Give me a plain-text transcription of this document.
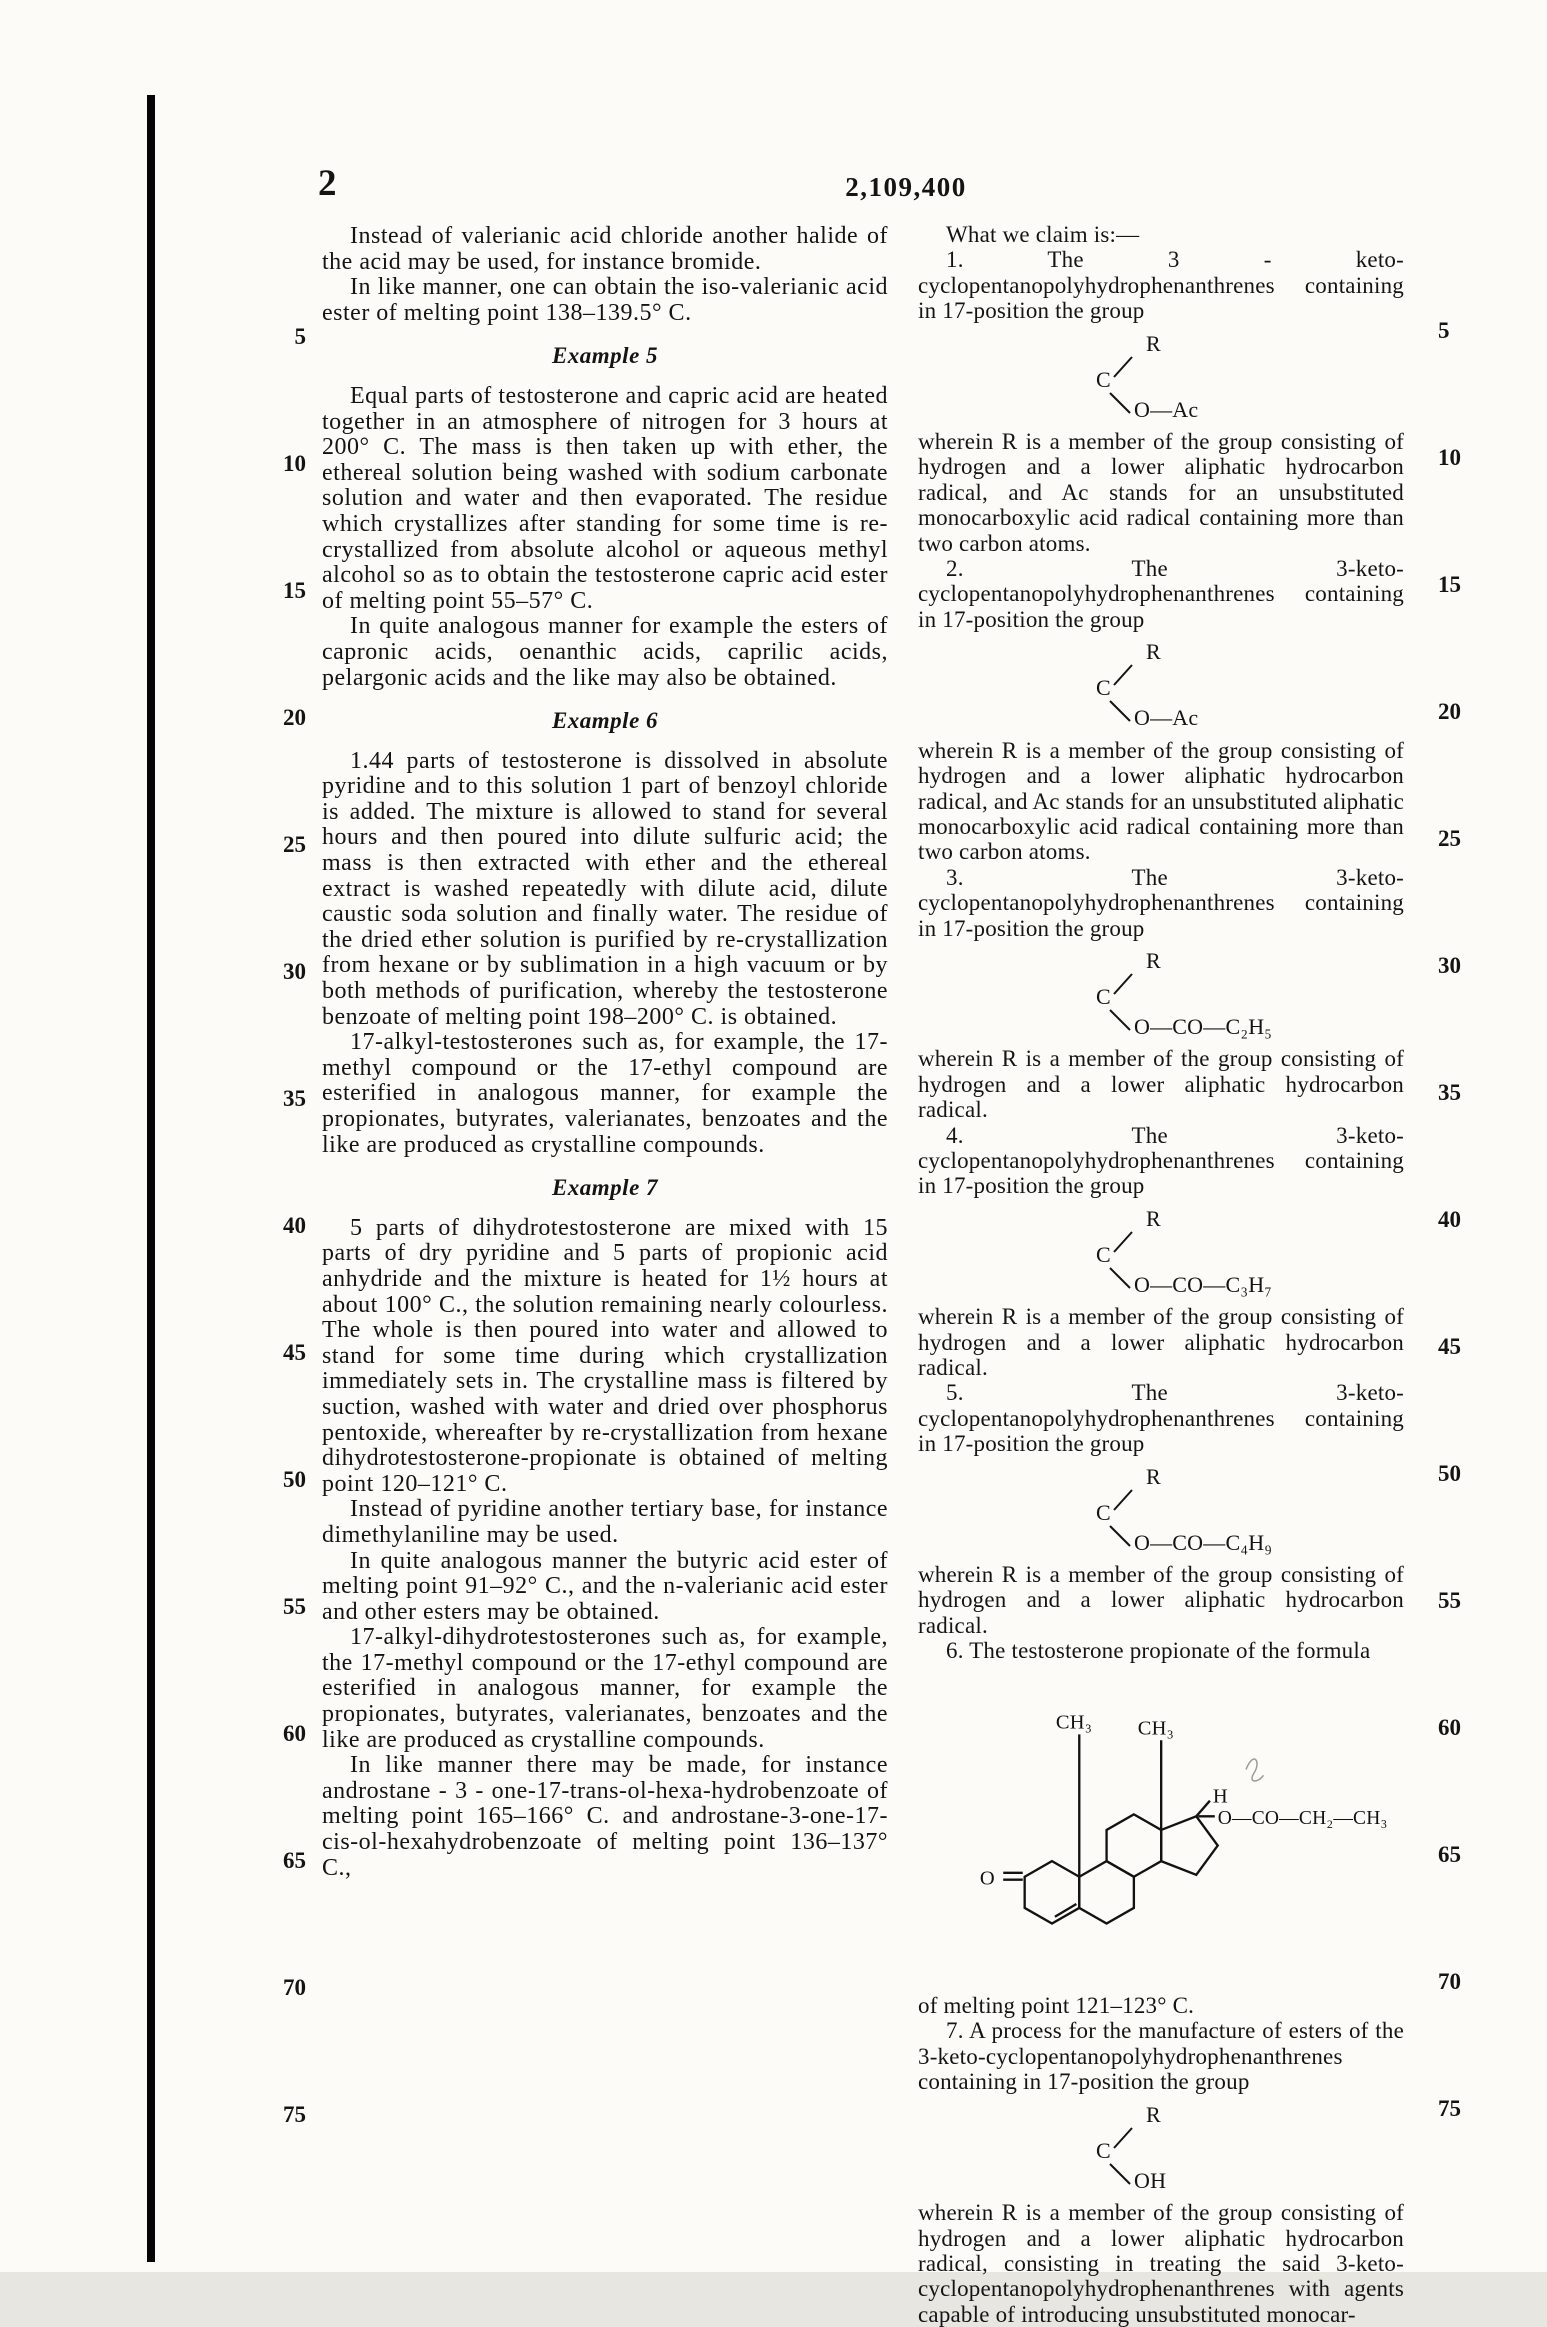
2	2,109,400
5
10
15
20
25
30
35
40
45
50
55
60
65
70
75
5
10
15
20
25
30
35
40
45
50
55
60
65
70
75

Instead of valerianic acid chloride another halide of the acid may be used, for instance bromide.

In like manner, one can obtain the iso-valerianic acid ester of melting point 138–139.5° C.

Example 5

Equal parts of testosterone and capric acid are heated together in an atmosphere of nitrogen for 3 hours at 200° C. The mass is then taken up with ether, the ethereal solution being washed with sodium carbonate solution and water and then evaporated. The residue which crystallizes after standing for some time is re-crystallized from absolute alcohol or aqueous methyl alcohol so as to obtain the testosterone capric acid ester of melting point 55–57° C.

In quite analogous manner for example the esters of capronic acids, oenanthic acids, caprilic acids, pelargonic acids and the like may also be obtained.

Example 6

1.44 parts of testosterone is dissolved in absolute pyridine and to this solution 1 part of benzoyl chloride is added. The mixture is allowed to stand for several hours and then poured into dilute sulfuric acid; the mass is then extracted with ether and the ethereal extract is washed repeatedly with dilute acid, dilute caustic soda solution and finally water. The residue of the dried ether solution is purified by re-crystallization from hexane or by sublimation in a high vacuum or by both methods of purification, whereby the testosterone benzoate of melting point 198–200° C. is obtained.

17-alkyl-testosterones such as, for example, the 17-methyl compound or the 17-ethyl compound are esterified in analogous manner, for example the propionates, butyrates, valerianates, benzoates and the like are produced as crystalline compounds.

Example 7

5 parts of dihydrotestosterone are mixed with 15 parts of dry pyridine and 5 parts of propionic acid anhydride and the mixture is heated for 1½ hours at about 100° C., the solution remaining nearly colourless. The whole is then poured into water and allowed to stand for some time during which crystallization immediately sets in. The crystalline mass is filtered by suction, washed with water and dried over phosphorus pentoxide, whereafter by re-crystallization from hexane dihydrotestosterone-propionate is obtained of melting point 120–121° C.

Instead of pyridine another tertiary base, for instance dimethylaniline may be used.

In quite analogous manner the butyric acid ester of melting point 91–92° C., and the n-valerianic acid ester and other esters may be obtained.

17-alkyl-dihydrotestosterones such as, for example, the 17-methyl compound or the 17-ethyl compound are esterified in analogous manner, for example the propionates, butyrates, valerianates, benzoates and the like are produced as crystalline compounds.

In like manner there may be made, for instance androstane - 3 - one-17-trans-ol-hexa-hydrobenzoate of melting point 165–166° C. and androstane-3-one-17-cis-ol-hexahydrobenzoate of melting point 136–137° C.,

What we claim is:—

1. The 3 - keto-cyclopentanopolyhydrophenanthrenes containing in 17-position the group

R
C
O—Ac

wherein R is a member of the group consisting of hydrogen and a lower aliphatic hydrocarbon radical, and Ac stands for an unsubstituted monocarboxylic acid radical containing more than two carbon atoms.

2. The 3-keto-cyclopentanopolyhydrophenanthrenes containing in 17-position the group

R
C
O—Ac

wherein R is a member of the group consisting of hydrogen and a lower aliphatic hydrocarbon radical, and Ac stands for an unsubstituted aliphatic monocarboxylic acid radical containing more than two carbon atoms.

3. The 3-keto-cyclopentanopolyhydrophenanthrenes containing in 17-position the group

R
C
O—CO—C₂H₅

wherein R is a member of the group consisting of hydrogen and a lower aliphatic hydrocarbon radical.

4. The 3-keto-cyclopentanopolyhydrophenanthrenes containing in 17-position the group

R
C
O—CO—C₃H₇

wherein R is a member of the group consisting of hydrogen and a lower aliphatic hydrocarbon radical.

5. The 3-keto-cyclopentanopolyhydrophenanthrenes containing in 17-position the group

R
C
O—CO—C₄H₉

wherein R is a member of the group consisting of hydrogen and a lower aliphatic hydrocarbon radical.

6. The testosterone propionate of the formula

CH₃ CH₃
H
O—CO—CH₂—CH₃
O

of melting point 121–123° C.

7. A process for the manufacture of esters of the 3-keto-cyclopentanopolyhydrophenanthrenes containing in 17-position the group

R
C
OH

wherein R is a member of the group consisting of hydrogen and a lower aliphatic hydrocarbon radical, consisting in treating the said 3-keto-cyclopentanopolyhydrophenanthrenes with agents capable of introducing unsubstituted monocar-
